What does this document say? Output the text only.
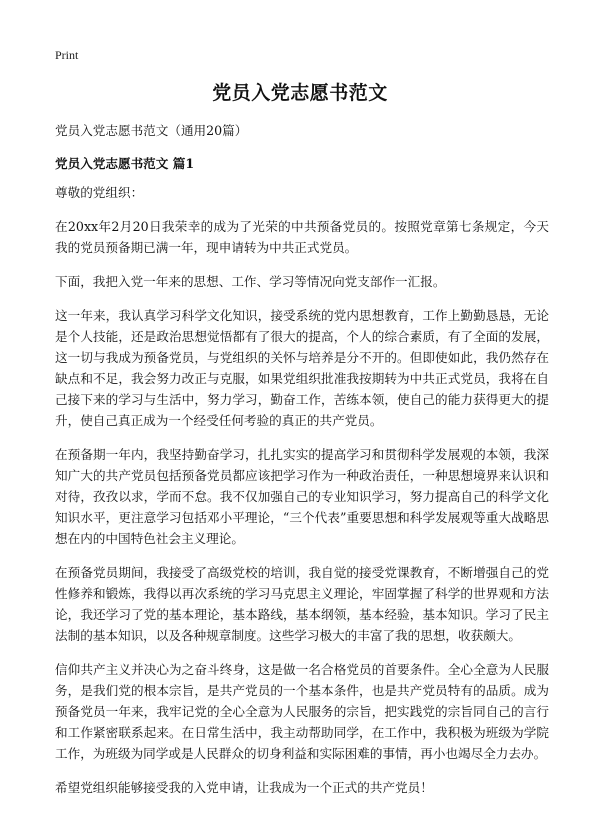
Print
党员入党志愿书范文

党员入党志愿书范文（通用20篇）

党员入党志愿书范文 篇1

尊敬的党组织：

在20xx年2月20日我荣幸的成为了光荣的中共预备党员的。按照党章第七条规定，今天我的党员预备期已满一年，现申请转为中共正式党员。

下面，我把入党一年来的思想、工作、学习等情况向党支部作一汇报。

这一年来，我认真学习科学文化知识，接受系统的党内思想教育，工作上勤勤恳恳，无论是个人技能，还是政治思想觉悟都有了很大的提高，个人的综合素质，有了全面的发展，这一切与我成为预备党员，与党组织的关怀与培养是分不开的。但即使如此，我仍然存在缺点和不足，我会努力改正与克服，如果党组织批准我按期转为中共正式党员，我将在自己接下来的学习与生活中，努力学习，勤奋工作，苦练本领，使自己的能力获得更大的提升，使自己真正成为一个经受任何考验的真正的共产党员。

在预备期一年内，我坚持勤奋学习，扎扎实实的提高学习和贯彻科学发展观的本领，我深知广大的共产党员包括预备党员都应该把学习作为一种政治责任，一种思想境界来认识和对待，孜孜以求，学而不怠。我不仅加强自己的专业知识学习，努力提高自己的科学文化知识水平，更注意学习包括邓小平理论，“三个代表”重要思想和科学发展观等重大战略思想在内的中国特色社会主义理论。

在预备党员期间，我接受了高级党校的培训，我自觉的接受党课教育，不断增强自己的党性修养和锻炼，我得以再次系统的学习马克思主义理论，牢固掌握了科学的世界观和方法论，我还学习了党的基本理论，基本路线，基本纲领，基本经验，基本知识。学习了民主法制的基本知识，以及各种规章制度。这些学习极大的丰富了我的思想，收获颇大。

信仰共产主义并决心为之奋斗终身，这是做一名合格党员的首要条件。全心全意为人民服务，是我们党的根本宗旨，是共产党员的一个基本条件，也是共产党员特有的品质。成为预备党员一年来，我牢记党的全心全意为人民服务的宗旨，把实践党的宗旨同自己的言行和工作紧密联系起来。在日常生活中，我主动帮助同学，在工作中，我积极为班级为学院工作，为班级为同学或是人民群众的切身利益和实际困难的事情，再小也竭尽全力去办。

希望党组织能够接受我的入党申请，让我成为一个正式的共产党员！
